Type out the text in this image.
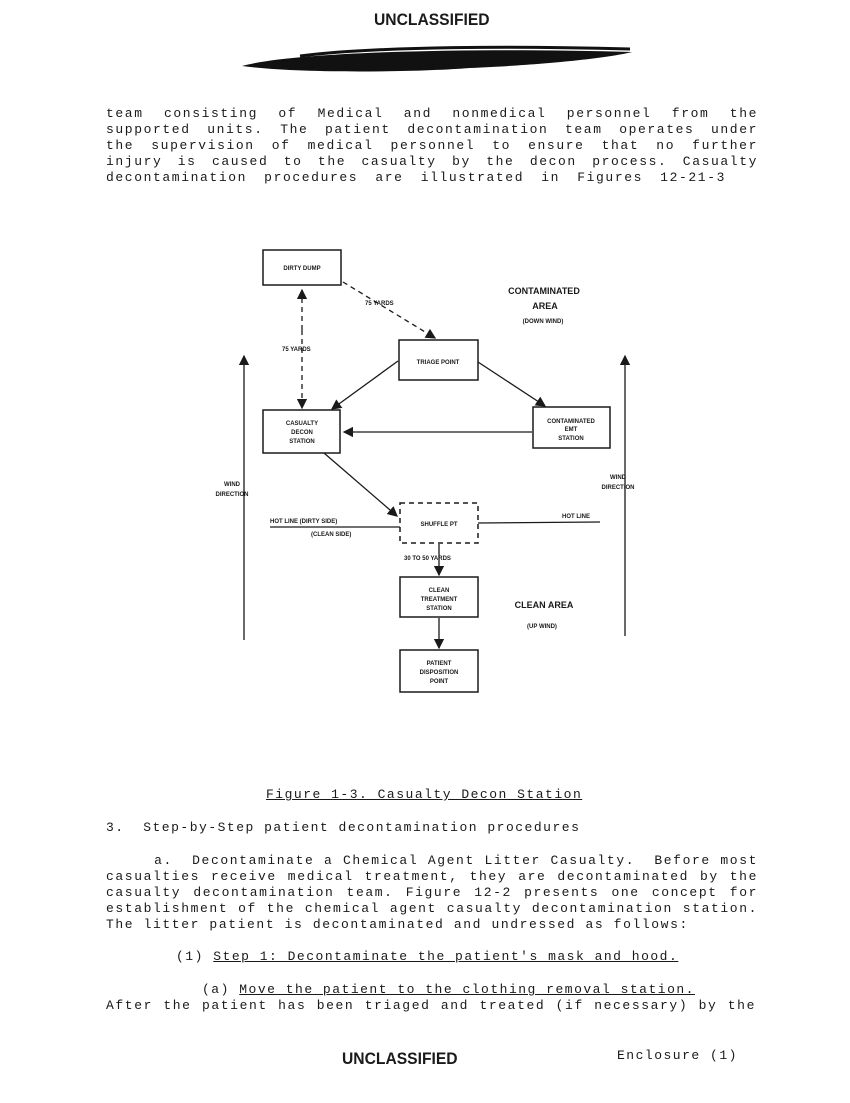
UNCLASSIFIED
team consisting of Medical and nonmedical personnel from the
supported units. The patient decontamination team operates under
the supervision of medical personnel to ensure that no further
injury is caused to the casualty by the decon process. Casualty
decontamination procedures are illustrated in Figures 12-21-3
DIRTY DUMP
TRIAGE POINT
CASUALTY
DECON
STATION
CONTAMINATED
EMT
STATION
SHUFFLE PT
CLEAN
TREATMENT
STATION
PATIENT
DISPOSITION
POINT
75 YARDS
75 YARDS
30 TO 50 YARDS
HOT LINE (DIRTY SIDE)
(CLEAN SIDE)
HOT LINE
WIND
DIRECTION
WIND
DIRECTION
(DOWN WIND)
(UP WIND)
CONTAMINATED
AREA
CLEAN AREA
Figure 1-3. Casualty Decon Station
3.  Step-by-Step patient decontamination procedures
a.  Decontaminate a Chemical Agent Litter Casualty.  Before most
casualties receive medical treatment, they are decontaminated by the
casualty decontamination team. Figure 12-2 presents one concept for
establishment of the chemical agent casualty decontamination station.
The litter patient is decontaminated and undressed as follows:
(1) Step 1: Decontaminate the patient's mask and hood.
(a) Move the patient to the clothing removal station.
After the patient has been triaged and treated (if necessary) by the
UNCLASSIFIED	Enclosure (1)
